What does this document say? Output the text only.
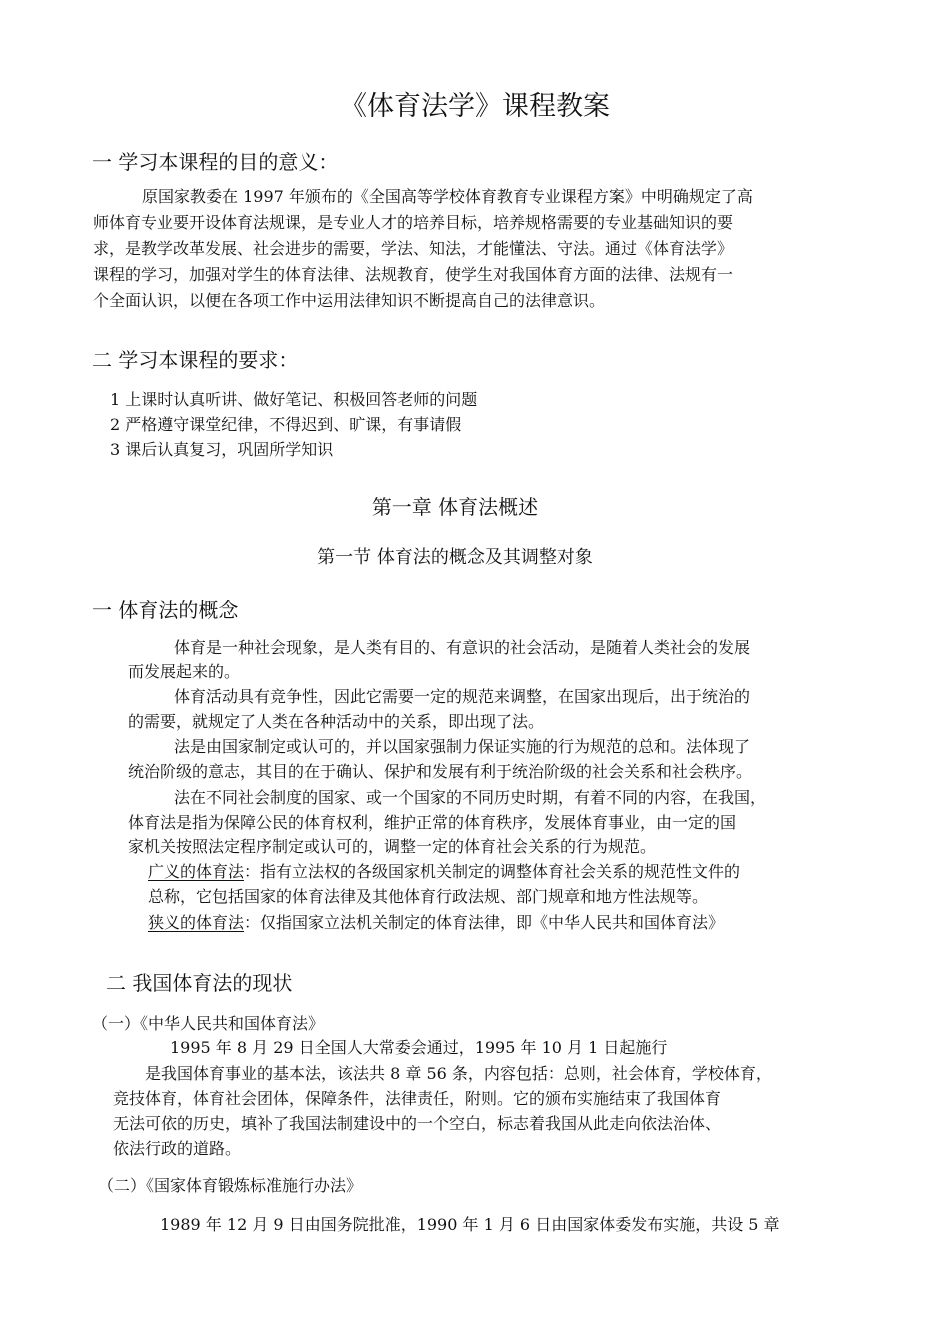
《体育法学》课程教案

一 学习本课程的目的意义：

原国家教委在 1997 年颁布的《全国高等学校体育教育专业课程方案》中明确规定了高

师体育专业要开设体育法规课，是专业人才的培养目标，培养规格需要的专业基础知识的要

求，是教学改革发展、社会进步的需要，学法、知法，才能懂法、守法。通过《体育法学》

课程的学习，加强对学生的体育法律、法规教育，使学生对我国体育方面的法律、法规有一

个全面认识，以便在各项工作中运用法律知识不断提高自己的法律意识。

二 学习本课程的要求：

1 上课时认真听讲、做好笔记、积极回答老师的问题

2 严格遵守课堂纪律，不得迟到、旷课，有事请假

3 课后认真复习，巩固所学知识

第一章 体育法概述

第一节 体育法的概念及其调整对象

一 体育法的概念

体育是一种社会现象，是人类有目的、有意识的社会活动，是随着人类社会的发展

而发展起来的。

体育活动具有竞争性，因此它需要一定的规范来调整，在国家出现后，出于统治的

的需要，就规定了人类在各种活动中的关系，即出现了法。

法是由国家制定或认可的，并以国家强制力保证实施的行为规范的总和。法体现了

统治阶级的意志，其目的在于确认、保护和发展有利于统治阶级的社会关系和社会秩序。

法在不同社会制度的国家、或一个国家的不同历史时期，有着不同的内容，在我国，

体育法是指为保障公民的体育权利，维护正常的体育秩序，发展体育事业，由一定的国

家机关按照法定程序制定或认可的，调整一定的体育社会关系的行为规范。

广义的体育法：指有立法权的各级国家机关制定的调整体育社会关系的规范性文件的

总称，它包括国家的体育法律及其他体育行政法规、部门规章和地方性法规等。

狭义的体育法：仅指国家立法机关制定的体育法律，即《中华人民共和国体育法》

二 我国体育法的现状

（一）《中华人民共和国体育法》

1995 年 8 月 29 日全国人大常委会通过，1995 年 10 月 1 日起施行

是我国体育事业的基本法，该法共 8 章 56 条，内容包括：总则，社会体育，学校体育，

竞技体育，体育社会团体，保障条件，法律责任，附则。它的颁布实施结束了我国体育

无法可依的历史，填补了我国法制建设中的一个空白，标志着我国从此走向依法治体、

依法行政的道路。

（二）《国家体育锻炼标准施行办法》

1989 年 12 月 9 日由国务院批准，1990 年 1 月 6 日由国家体委发布实施，共设 5 章
